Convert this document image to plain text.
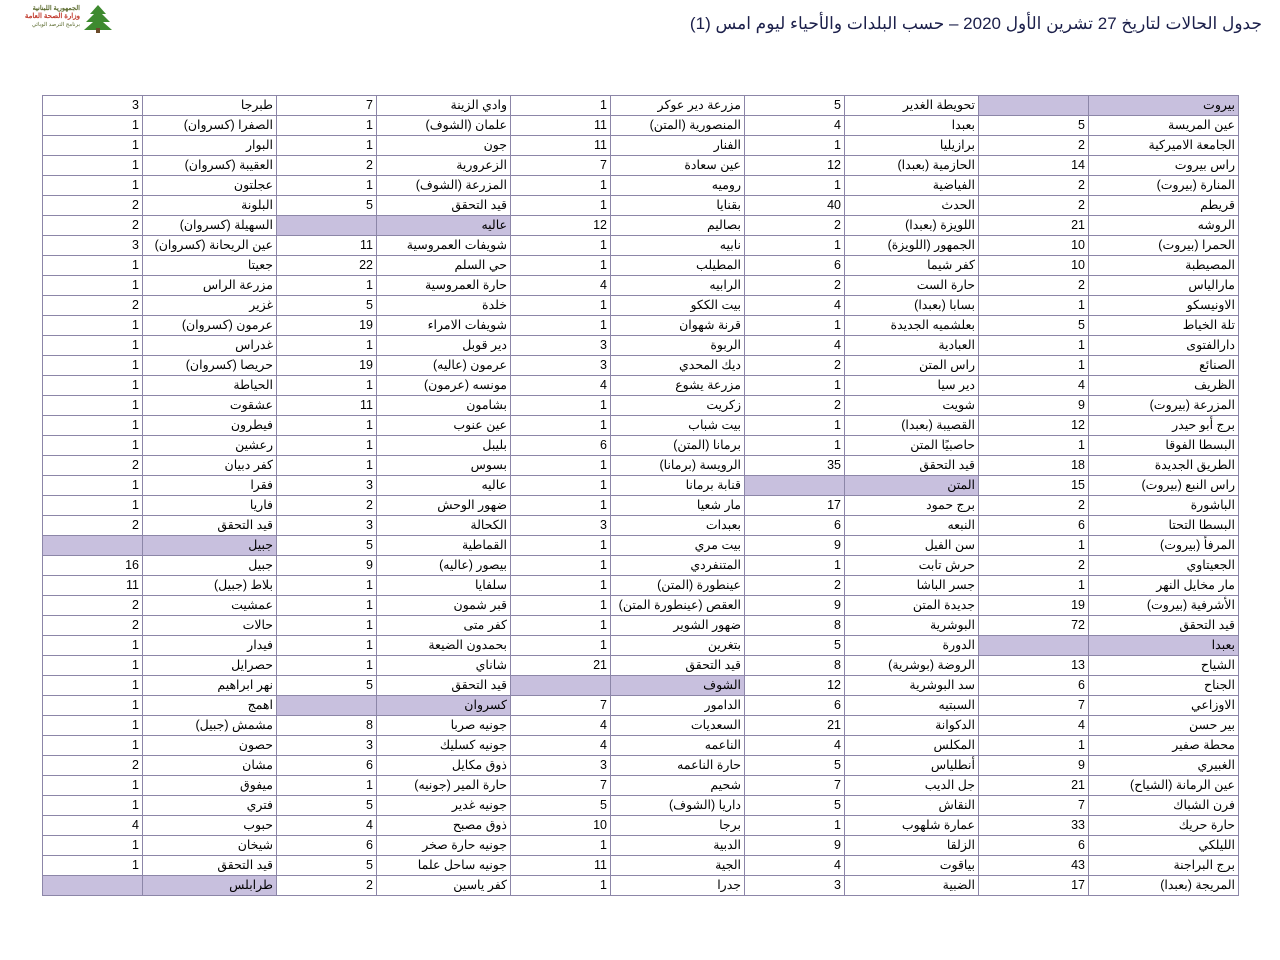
الجمهورية اللبنانية
وزارة الصحة العامة
برنامج الترصد الوبائي	جدول الحالات لتاريخ 27 تشرين الأول 2020 – حسب البلدات والأحياء ليوم امس (1)
3	طبرجا	7	وادي الزينة	1	مزرعة دير عوكر	5	تحويطة الغدير		بيروت
1	الصفرا (كسروان)	1	علمان (الشوف)	11	المنصورية (المتن)	4	بعبدا	5	عين المريسة
1	البوار	1	جون	11	الفنار	1	برازيليا	2	الجامعة الاميركية
1	العقيبة (كسروان)	2	الزعرورية	7	عين سعادة	12	الحازمية (بعبدا)	14	راس بيروت
1	عجلتون	1	المزرعة (الشوف)	1	روميه	1	الفياضية	2	المنارة (بيروت)
2	البلونة	5	قيد التحقق	1	بقنايا	40	الحدث	2	قريطم
2	السهيلة (كسروان)		عاليه	12	بصاليم	2	اللويزة (بعبدا)	21	الروشه
3	عين الريحانة (كسروان)	11	شويفات العمروسية	1	نابيه	1	الجمهور (اللويزة)	10	الحمرا (بيروت)
1	جعيتا	22	حي السلم	1	المطيلب	6	كفر شيما	10	المصيطبة
1	مزرعة الراس	1	حارة العمروسية	4	الرابيه	2	حارة الست	2	مارالياس
2	غزير	5	خلدة	1	بيت الككو	4	بسابا (بعبدا)	1	الاونيسكو
1	عرمون (كسروان)	19	شويفات الامراء	1	قرنة شهوان	1	بعلشميه الجديدة	5	تلة الخياط
1	غدراس	1	دير قوبل	3	الربوة	4	العبادية	1	دارالفتوى
1	حريصا (كسروان)	19	عرمون (عاليه)	3	ديك المحدي	2	راس المتن	1	الصنائع
1	الحياطة	1	مونسه (عرمون)	4	مزرعة يشوع	1	دير سيا	4	الظريف
1	عشقوت	11	بشامون	1	زكريت	2	شويت	9	المزرعة (بيروت)
1	فيطرون	1	عين عنوب	1	بيت شباب	1	القصيبة (بعبدا)	12	برج أبو حيدر
1	رعشين	1	بليبل	6	برمانا (المتن)	1	حاصبيًا المتن	1	البسطا الفوقا
2	كفر دبيان	1	بسوس	1	الرويسة (برمانا)	35	قيد التحقق	18	الطريق الجديدة
1	فقرا	3	عاليه	1	قنابة برمانا		المتن	15	راس النبع (بيروت)
1	فاريا	2	ضهور الوحش	1	مار شعيا	17	برج حمود	2	الباشورة
2	قيد التحقق	3	الكحالة	3	بعبدات	6	النبعه	6	البسطا التحتا
	جبيل	5	القماطية	1	بيت مري	9	سن الفيل	1	المرفأ (بيروت)
16	جبيل	9	بيصور (عاليه)	1	المتنفردي	1	حرش تابت	2	الجعيتاوي
11	بلاط (جبيل)	1	سلفايا	1	عينطورة (المتن)	2	جسر الباشا	1	مار مخايل النهر
2	عمشيت	1	قبر شمون	1	العقص (عينطورة المتن)	9	جديدة المتن	19	الأشرفية (بيروت)
2	حالات	1	كفر متى	1	ضهور الشوير	8	البوشرية	72	قيد التحقق
1	فيدار	1	بحمدون الضيعة	1	بتغرين	5	الدورة		بعبدا
1	حصرايل	1	شاناي	21	قيد التحقق	8	الروضة (بوشرية)	13	الشياح
1	نهر ابراهيم	5	قيد التحقق		الشوف	12	سد البوشرية	6	الجناح
1	اهمج		كسروان	7	الدامور	6	السبتيه	7	الاوزاعي
1	مشمش (جبيل)	8	جونيه صربا	4	السعديات	21	الدكوانة	4	بير حسن
1	حصون	3	جونيه كسليك	4	الناعمه	4	المكلس	1	محطة صفير
2	مشان	6	ذوق مكايل	3	حارة الناعمه	5	أنطلياس	9	الغبيري
1	ميفوق	1	حارة المير (جونيه)	7	شحيم	7	جل الديب	21	عين الرمانة (الشياح)
1	فتري	5	جونيه غدير	5	داريا (الشوف)	5	النقاش	7	فرن الشباك
4	حبوب	4	ذوق مصبح	10	برجا	1	عمارة شلهوب	33	حارة حريك
1	شيخان	6	جونيه حارة صخر	1	الدبية	9	الزلقا	6	الليلكي
1	قيد التحقق	5	جونيه ساحل علما	11	الجية	4	بياقوت	43	برج البراجنة
	طرابلس	2	كفر ياسين	1	جدرا	3	الضبية	17	المريجة (بعبدا)
